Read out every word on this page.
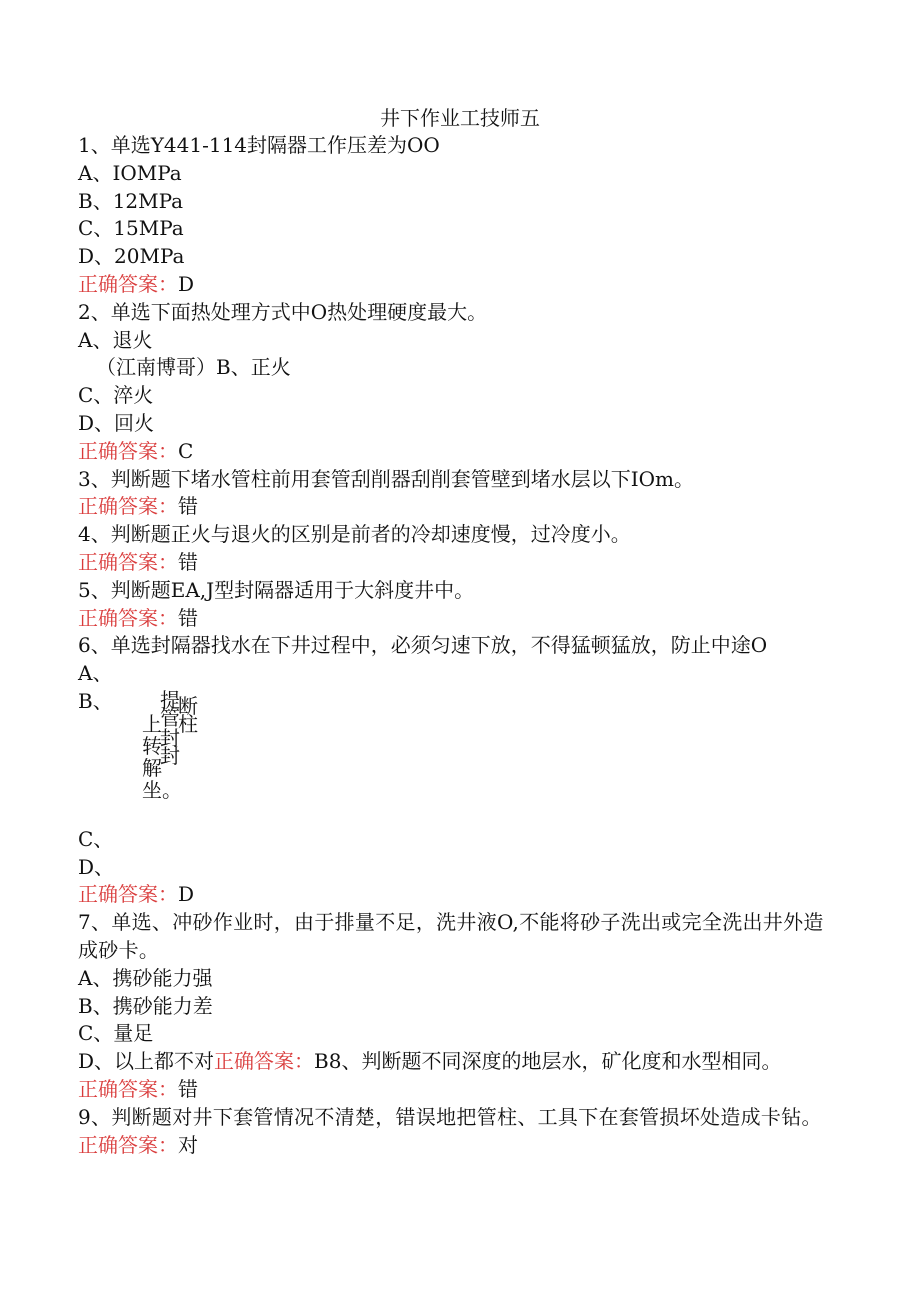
井下作业工技师五
1、单选Y441-114封隔器工作压差为OO
A、IOMPa
B、12MPa
C、15MPa
D、20MPa
正确答案：D
2、单选下面热处理方式中O热处理硬度最大。
A、退火
（江南博哥）B、正火
C、淬火
D、回火
正确答案：C
3、判断题下堵水管柱前用套管刮削器刮削套管壁到堵水层以下IOm。
正确答案：错
4、判断题正火与退火的区别是前者的冷却速度慢，过冷度小。
正确答案：错
5、判断题EA,J型封隔器适用于大斜度井中。
正确答案：错
6、单选封隔器找水在下井过程中，必须匀速下放，不得猛顿猛放，防止中途O
A、
B、	提
断
管
柱
上
封
转
封
解
坐。
C、
D、
正确答案：D
7、单选、冲砂作业时，由于排量不足，洗井液O,不能将砂子洗出或完全洗出井外造成砂卡。
A、携砂能力强
B、携砂能力差
C、量足
D、以上都不对正确答案：B8、判断题不同深度的地层水，矿化度和水型相同。
正确答案：错
9、判断题对井下套管情况不清楚，错误地把管柱、工具下在套管损坏处造成卡钻。
正确答案：对
